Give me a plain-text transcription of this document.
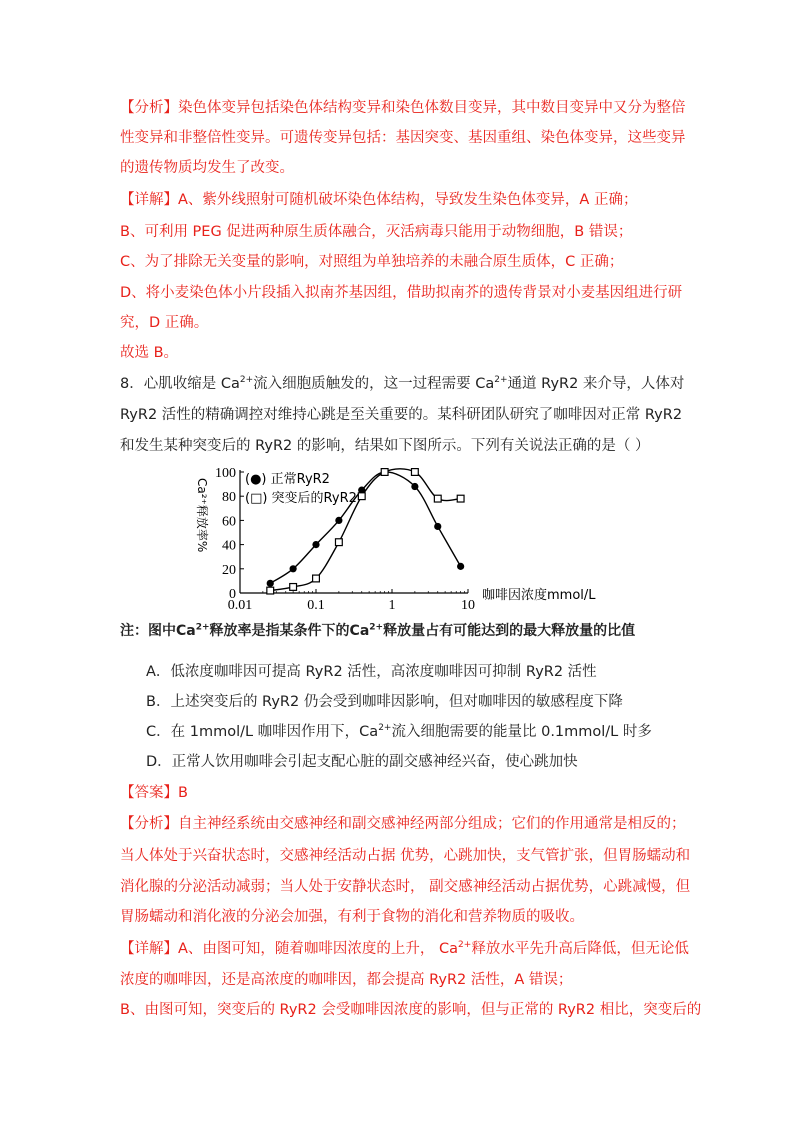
【分析】染色体变异包括染色体结构变异和染色体数目变异，其中数目变异中又分为整倍
性变异和非整倍性变异。可遗传变异包括：基因突变、基因重组、染色体变异，这些变异
的遗传物质均发生了改变。
【详解】A、紫外线照射可随机破坏染色体结构，导致发生染色体变异，A 正确；
B、可利用 PEG 促进两种原生质体融合，灭活病毒只能用于动物细胞，B 错误；
C、为了排除无关变量的影响，对照组为单独培养的未融合原生质体，C 正确；
D、将小麦染色体小片段插入拟南芥基因组，借助拟南芥的遗传背景对小麦基因组进行研
究，D 正确。
故选 B。
8．心肌收缩是 $Ca^{2+}$流入细胞质触发的，这一过程需要 $Ca^{2+}$通道 RyR2 来介导，人体对
RyR2 活性的精确调控对维持心跳是至关重要的。某科研团队研究了咖啡因对正常 RyR2
和发生某种突变后的 RyR2 的影响，结果如下图所示。下列有关说法正确的是（ ）
0
20
40
60
80
100
0.01	0.1	1	10
咖啡因浓度mmol/L
Ca²⁺释放率%	(●) 正常RyR2
(□) 突变后的RyR2
注：图中$Ca^{2+}$释放率是指某条件下的$Ca^{2+}$释放量占有可能达到的最大释放量的比值
A．低浓度咖啡因可提高 RyR2 活性，高浓度咖啡因可抑制 RyR2 活性
B．上述突变后的 RyR2 仍会受到咖啡因影响，但对咖啡因的敏感程度下降
C．在 1mmol/L 咖啡因作用下，$Ca^{2+}$流入细胞需要的能量比 0.1mmol/L 时多
D．正常人饮用咖啡会引起支配心脏的副交感神经兴奋，使心跳加快
【答案】B
【分析】自主神经系统由交感神经和副交感神经两部分组成；它们的作用通常是相反的；
当人体处于兴奋状态时，交感神经活动占据 优势，心跳加快，支气管扩张，但胃肠蠕动和
消化腺的分泌活动减弱；当人处于安静状态时， 副交感神经活动占据优势，心跳减慢，但
胃肠蠕动和消化液的分泌会加强，有利于食物的消化和营养物质的吸收。
【详解】A、由图可知，随着咖啡因浓度的上升， $Ca^{2+}$释放水平先升高后降低，但无论低
浓度的咖啡因，还是高浓度的咖啡因，都会提高 RyR2 活性，A 错误；
B、由图可知，突变后的 RyR2 会受咖啡因浓度的影响，但与正常的 RyR2 相比，突变后的
